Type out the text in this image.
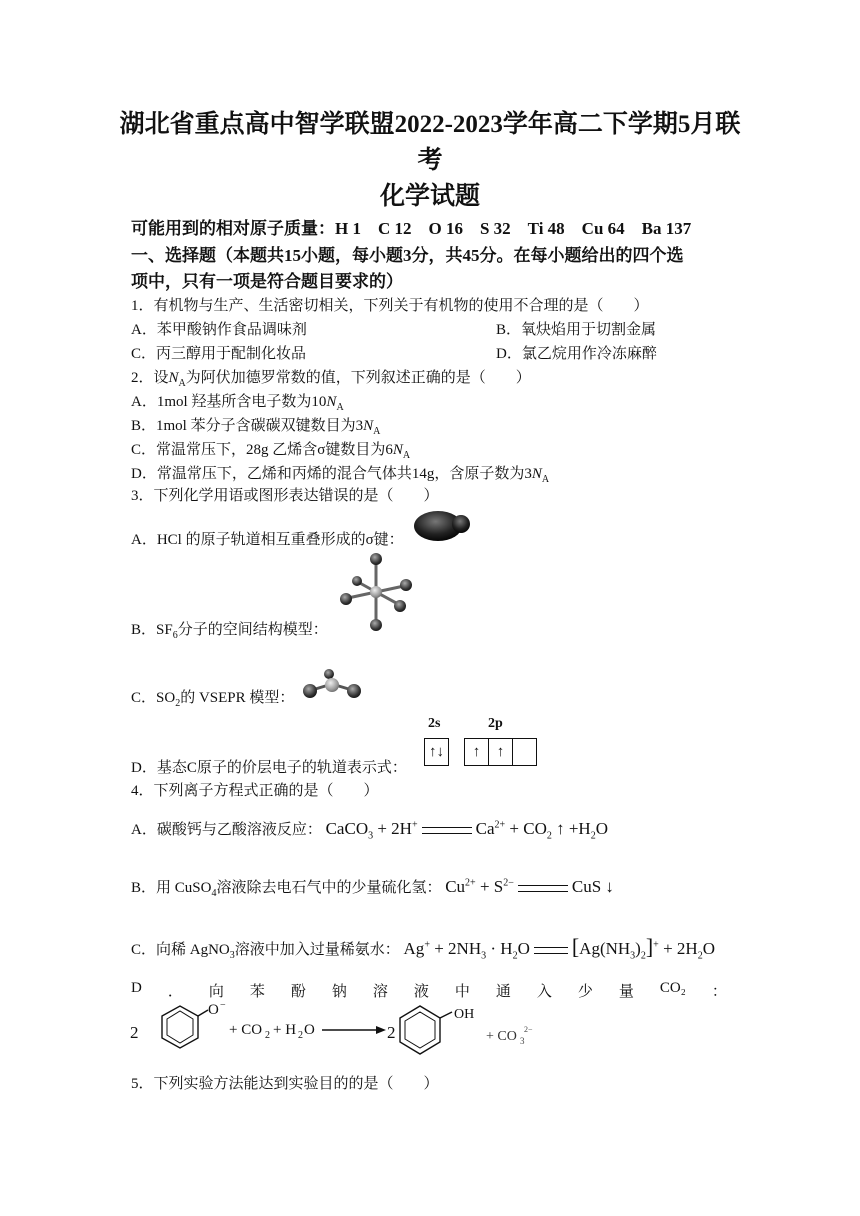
湖北省重点高中智学联盟2022-2023学年高二下学期5月联
考
化学试题
可能用到的相对原子质量：H 1　C 12　O 16　S 32　Ti 48　Cu 64　Ba 137
一、选择题（本题共15小题，每小题3分，共45分。在每小题给出的四个选
项中，只有一项是符合题目要求的）
1．有机物与生产、生活密切相关，下列关于有机物的使用不合理的是（　　）
A．苯甲酸钠作食品调味剂	B．氧炔焰用于切割金属
C．丙三醇用于配制化妆品	D．氯乙烷用作冷冻麻醉
2．设$N_A$为阿伏加德罗常数的值，下列叙述正确的是（　　）
A．1mol 羟基所含电子数为$10N_A$
B．1mol 苯分子含碳碳双键数目为$3N_A$
C．常温常压下，28g 乙烯含σ键数目为$6N_A$
D．常温常压下，乙烯和丙烯的混合气体共14g，含原子数为$3N_A$
3．下列化学用语或图形表达错误的是（　　）
A．HCl 的原子轨道相互重叠形成的σ键：
B．$SF_6$分子的空间结构模型：
C．$SO_2$的 VSEPR 模型：
2s	2p
↑↓	↑	↑
D．基态C原子的价层电子的轨道表示式：
4．下列离子方程式正确的是（　　）
A．碳酸钙与乙酸溶液反应： CaCO$_3$ + 2H+	$Ca^{2+} + CO_2$ ↑ $+H_2O$
B．用 CuSO$_4$溶液除去电石气中的少量硫化氢： $Cu^{2+} + S^{2-}$	CuS ↓
C．向稀 AgNO$_3$溶液中加入过量稀氨水： $Ag^+ + 2NH_3 \cdot H_2O$ $[Ag(NH_3)_2]^+ + 2H_2O$
D ． 向 苯 酚 钠 溶 液 中 通 入 少 量 CO₂ ：
2
O −
+ CO 2 + H 2 O	2
OH
+ CO 3
2−
5．下列实验方法能达到实验目的的是（　　）
